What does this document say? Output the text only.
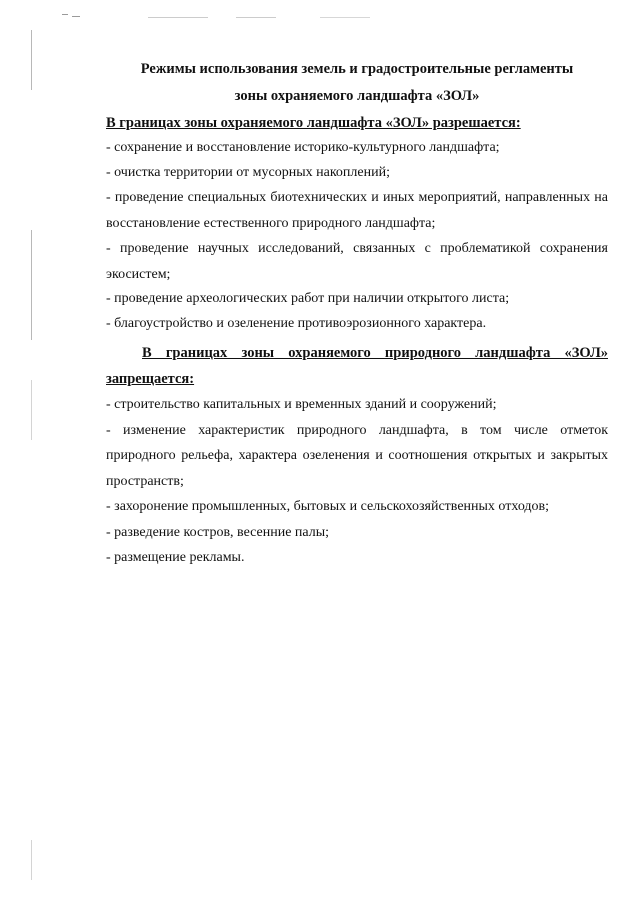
Режимы использования земель и градостроительные регламенты
зоны охраняемого ландшафта «ЗОЛ»
В границах зоны охраняемого ландшафта «ЗОЛ» разрешается:
- сохранение и восстановление историко-культурного ландшафта;
- очистка территории от мусорных накоплений;
- проведение специальных биотехнических и иных мероприятий, направленных на восстановление естественного природного ландшафта;
- проведение научных исследований, связанных с проблематикой сохранения экосистем;
- проведение археологических работ при наличии открытого листа;
- благоустройство и озеленение противоэрозионного характера.
В границах зоны охраняемого природного ландшафта «ЗОЛ»
запрещается:
- строительство капитальных и временных зданий и сооружений;
- изменение характеристик природного ландшафта, в том числе отметок природного рельефа, характера озеленения и соотношения открытых и закрытых пространств;
- захоронение промышленных, бытовых и сельскохозяйственных отходов;
- разведение костров, весенние палы;
- размещение рекламы.
